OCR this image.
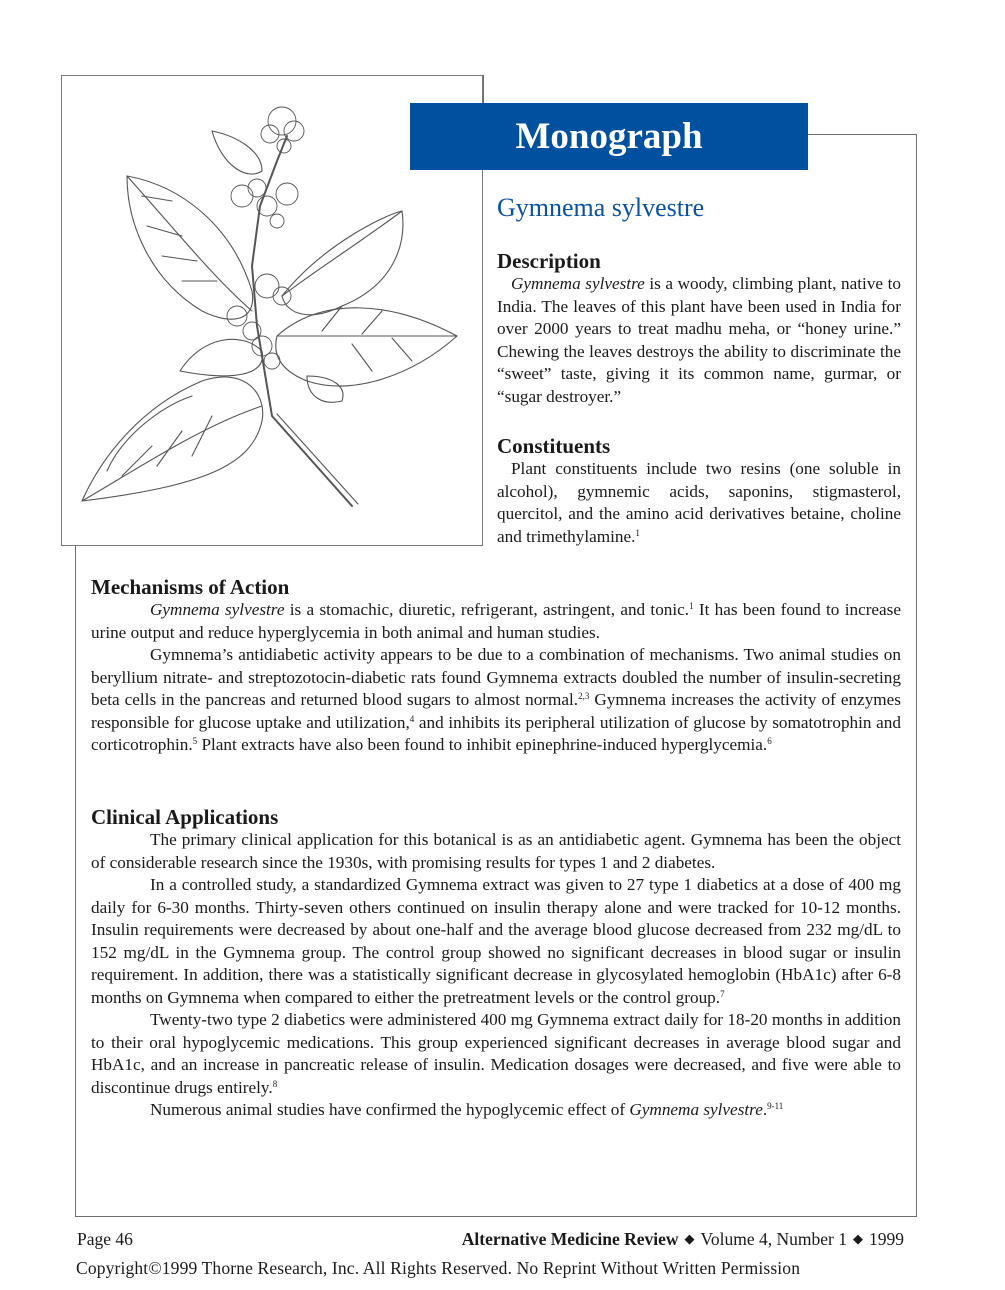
Monograph
Gymnema sylvestre
Description

Gymnema sylvestre is a woody, climbing plant, native to India. The leaves of this plant have been used in India for over 2000 years to treat madhu meha, or “honey urine.” Chewing the leaves destroys the ability to discriminate the “sweet” taste, giving it its common name, gurmar, or “sugar destroyer.”

Constituents

Plant constituents include two resins (one soluble in alcohol), gymnemic acids, saponins, stigmasterol, quercitol, and the amino acid derivatives betaine, choline and trimethylamine.$^1$

Mechanisms of Action

Gymnema sylvestre is a stomachic, diuretic, refrigerant, astringent, and tonic.$^1$ It has been found to increase urine output and reduce hyperglycemia in both animal and human studies.

Gymnema’s antidiabetic activity appears to be due to a combination of mechanisms. Two animal studies on beryllium nitrate- and streptozotocin-diabetic rats found Gymnema extracts doubled the number of insulin-secreting beta cells in the pancreas and returned blood sugars to almost normal.$^{2,3}$ Gymnema increases the activity of enzymes responsible for glucose uptake and utilization,$^4$ and inhibits its peripheral utilization of glucose by somatotrophin and corticotrophin.$^5$ Plant extracts have also been found to inhibit epinephrine-induced hyperglycemia.$^6$

Clinical Applications

The primary clinical application for this botanical is as an antidiabetic agent. Gymnema has been the object of considerable research since the 1930s, with promising results for types 1 and 2 diabetes.

In a controlled study, a standardized Gymnema extract was given to 27 type 1 diabetics at a dose of 400 mg daily for 6-30 months. Thirty-seven others continued on insulin therapy alone and were tracked for 10-12 months. Insulin requirements were decreased by about one-half and the average blood glucose decreased from 232 mg/dL to 152 mg/dL in the Gymnema group. The control group showed no significant decreases in blood sugar or insulin requirement. In addition, there was a statistically significant decrease in glycosylated hemoglobin (HbA1c) after 6-8 months on Gymnema when compared to either the pretreatment levels or the control group.$^7$

Twenty-two type 2 diabetics were administered 400 mg Gymnema extract daily for 18-20 months in addition to their oral hypoglycemic medications. This group experienced significant decreases in average blood sugar and HbA1c, and an increase in pancreatic release of insulin. Medication dosages were decreased, and five were able to discontinue drugs entirely.$^8$

Numerous animal studies have confirmed the hypoglycemic effect of Gymnema sylvestre.$^{9-11}$

Page 46	Alternative Medicine Review ◆ Volume 4, Number 1 ◆ 1999
Copyright©1999 Thorne Research, Inc. All Rights Reserved. No Reprint Without Written Permission
